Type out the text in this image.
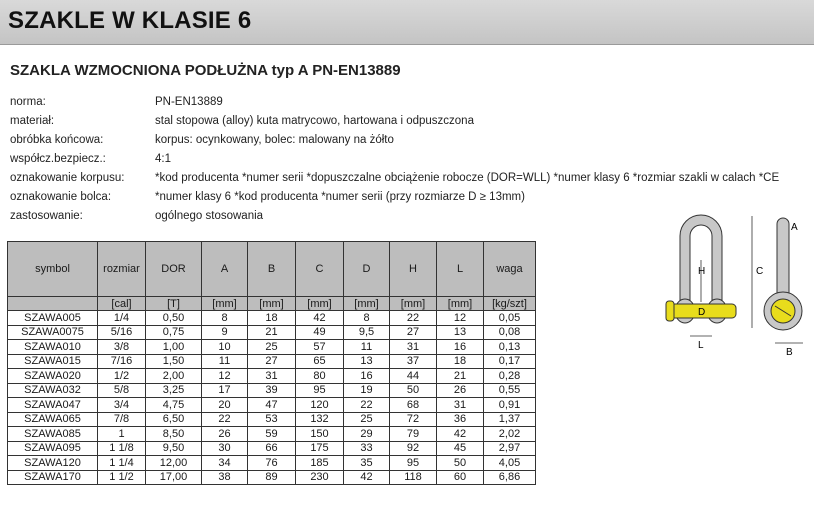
SZAKLE W KLASIE 6
SZAKLA WZMOCNIONA PODŁUŻNA typ A PN-EN13889
norma:	PN-EN13889
materiał:	stal stopowa (alloy) kuta matrycowo, hartowana i odpuszczona
obróbka końcowa:	korpus: ocynkowany, bolec: malowany na żółto
współcz.bezpiecz.:	4:1
oznakowanie korpusu:	*kod producenta *numer serii *dopuszczalne obciążenie robocze (DOR=WLL) *numer klasy 6 *rozmiar szakli w calach *CE
oznakowanie bolca:	*numer klasy 6 *kod producenta *numer serii (przy rozmiarze D ≥ 13mm)
zastosowanie:	ogólnego stosowania
symbol	rozmiar	DOR	A	B	C	D	H	L	waga
	[cal]	[T]	[mm]	[mm]	[mm]	[mm]	[mm]	[mm]	[kg/szt]
SZAWA005	1/4	0,50	8	18	42	8	22	12	0,05
SZAWA0075	5/16	0,75	9	21	49	9,5	27	13	0,08
SZAWA010	3/8	1,00	10	25	57	11	31	16	0,13
SZAWA015	7/16	1,50	11	27	65	13	37	18	0,17
SZAWA020	1/2	2,00	12	31	80	16	44	21	0,28
SZAWA032	5/8	3,25	17	39	95	19	50	26	0,55
SZAWA047	3/4	4,75	20	47	120	22	68	31	0,91
SZAWA065	7/8	6,50	22	53	132	25	72	36	1,37
SZAWA085	1	8,50	26	59	150	29	79	42	2,02
SZAWA095	1 1/8	9,50	30	66	175	33	92	45	2,97
SZAWA120	1 1/4	12,00	34	76	185	35	95	50	4,05
SZAWA170	1 1/2	17,00	38	89	230	42	118	60	6,86
H	C
D
L
B
A
